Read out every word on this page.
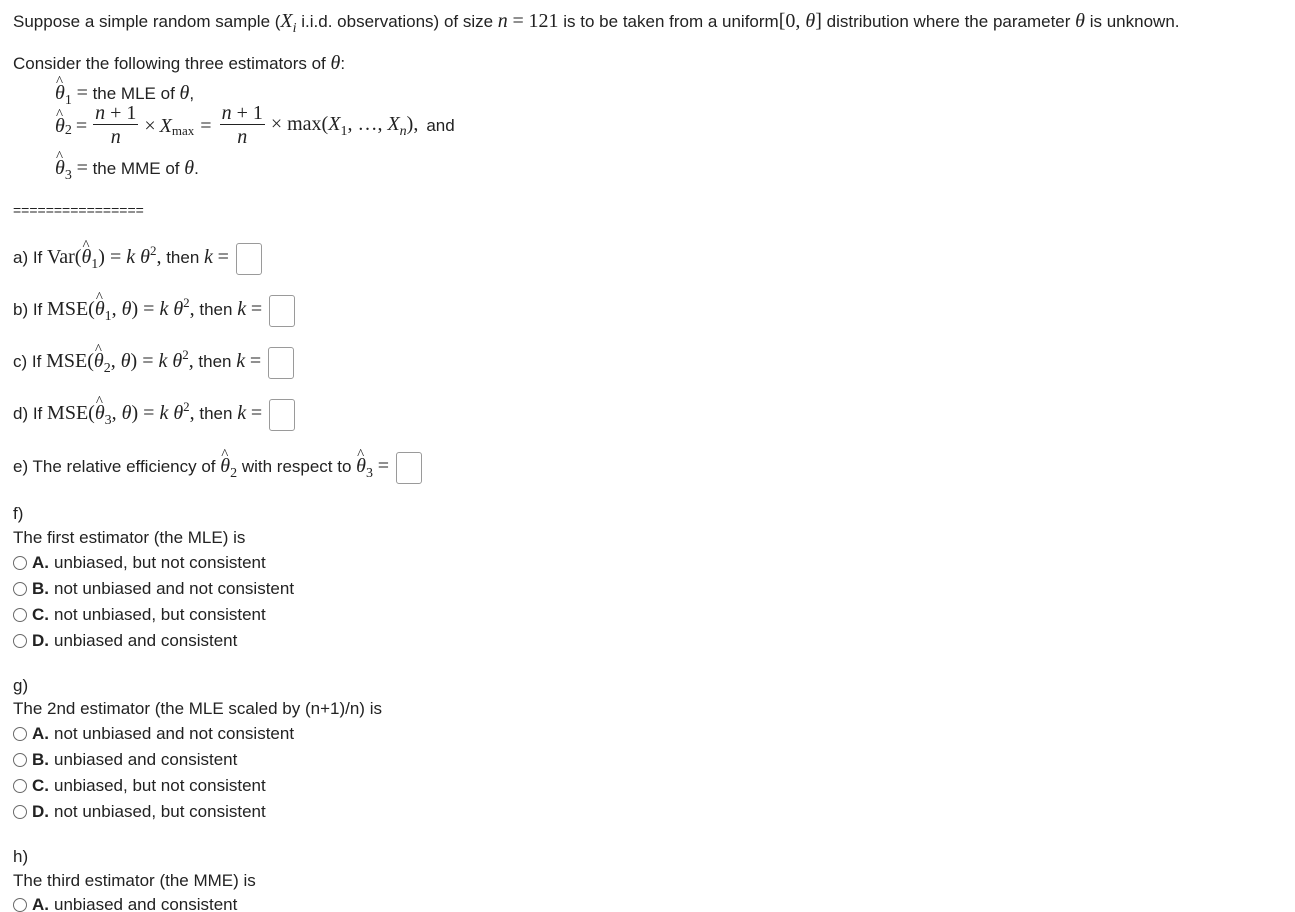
Suppose a simple random sample ($X_i$ i.i.d. observations) of size n = 121 is to be taken from a uniform[0, θ] distribution where the parameter θ is unknown.
Consider the following three estimators of θ:
^ $\theta_1$ = the MLE of θ,
^ θ $2 = \frac{n + 1}{n} \times X$ $\max = \frac{n + 1}{n} \times \max(X_1$, …, $X_n$), and
^ $\theta_3$ = the MME of θ.
================
a) If Var(^ $\theta_1) = k$ $\theta^2$, then k =
b) If MSE(^ $\theta_1$, θ) = k $\theta^2$, then k =
c) If MSE(^ $\theta_2$, θ) = k $\theta^2$, then k =
d) If MSE(^ $\theta_3$, θ) = k $\theta^2$, then k =
e) The relative efficiency of ^ $\theta_2$ with respect to ^ $\theta_3$ =
f)
The first estimator (the MLE) is
A. unbiased, but not consistent
B. not unbiased and not consistent
C. not unbiased, but consistent
D. unbiased and consistent
g)
The 2nd estimator (the MLE scaled by (n+1)/n) is
A. not unbiased and not consistent
B. unbiased and consistent
C. unbiased, but not consistent
D. not unbiased, but consistent
h)
The third estimator (the MME) is
A. unbiased and consistent
